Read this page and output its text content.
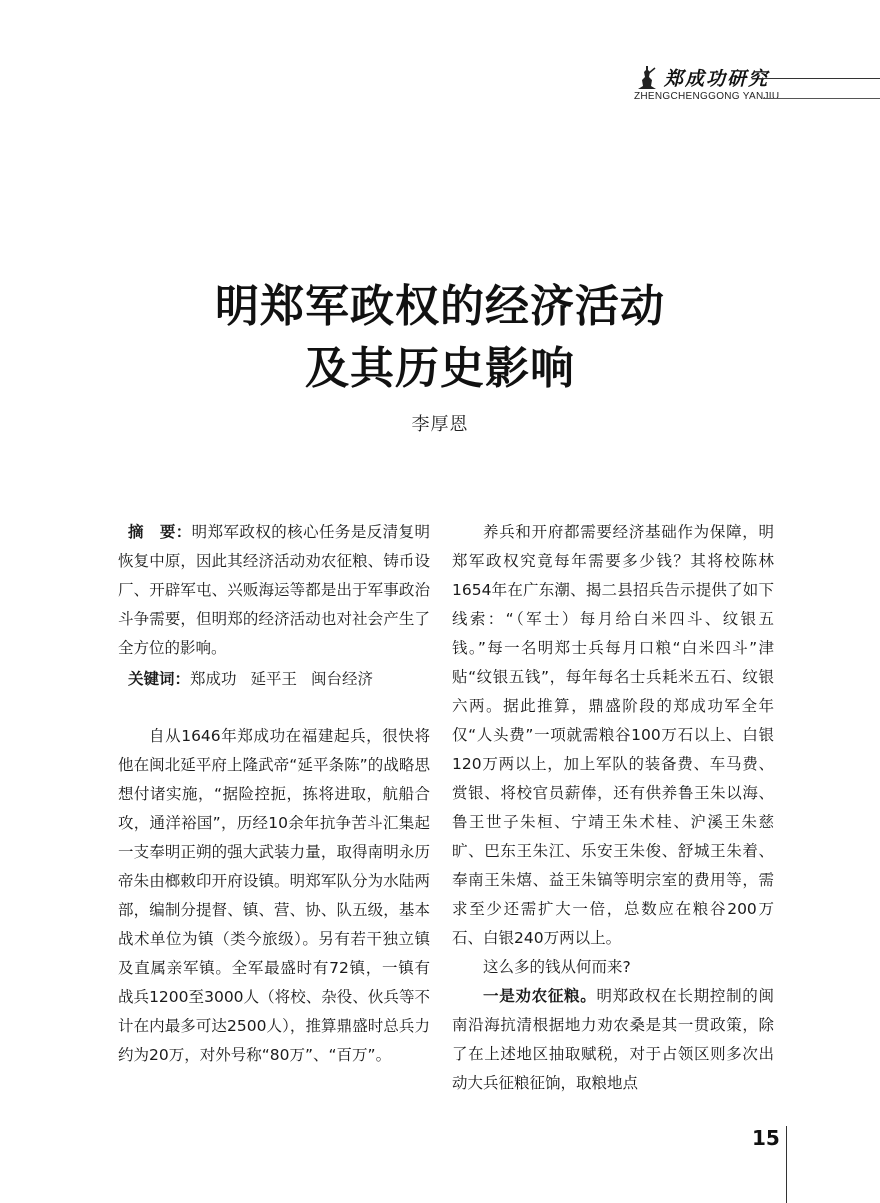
郑成功研究
ZHENGCHENGGONG YANJIU
明郑军政权的经济活动
及其历史影响
李厚恩

摘　要：明郑军政权的核心任务是反清复明恢复中原，因此其经济活动劝农征粮、铸币设厂、开辟军屯、兴贩海运等都是出于军事政治斗争需要，但明郑的经济活动也对社会产生了全方位的影响。

关键词：郑成功 延平王 闽台经济

自从1646年郑成功在福建起兵，很快将他在闽北延平府上隆武帝“延平条陈”的战略思想付诸实施，“据险控扼，拣将进取，航船合攻，通洋裕国”，历经10余年抗争苦斗汇集起一支奉明正朔的强大武装力量，取得南明永历帝朱由榔敕印开府设镇。明郑军队分为水陆两部，编制分提督、镇、营、协、队五级，基本战术单位为镇（类今旅级）。另有若干独立镇及直属亲军镇。全军最盛时有72镇，一镇有战兵1200至3000人（将校、杂役、伙兵等不计在内最多可达2500人），推算鼎盛时总兵力约为20万，对外号称“80万”、“百万”。

养兵和开府都需要经济基础作为保障，明郑军政权究竟每年需要多少钱？其将校陈林1654年在广东潮、揭二县招兵告示提供了如下线索：“（军士）每月给白米四斗、纹银五钱。”每一名明郑士兵每月口粮“白米四斗”津贴“纹银五钱”，每年每名士兵耗米五石、纹银六两。据此推算，鼎盛阶段的郑成功军全年仅“人头费”一项就需粮谷100万石以上、白银120万两以上，加上军队的装备费、车马费、赏银、将校官员薪俸，还有供养鲁王朱以海、鲁王世子朱桓、宁靖王朱术桂、沪溪王朱慈旷、巴东王朱江、乐安王朱俊、舒城王朱着、奉南王朱熺、益王朱镐等明宗室的费用等，需求至少还需扩大一倍，总数应在粮谷200万石、白银240万两以上。

这么多的钱从何而来?

一是劝农征粮。明郑政权在长期控制的闽南沿海抗清根据地力劝农桑是其一贯政策，除了在上述地区抽取赋税，对于占领区则多次出动大兵征粮征饷，取粮地点

15
